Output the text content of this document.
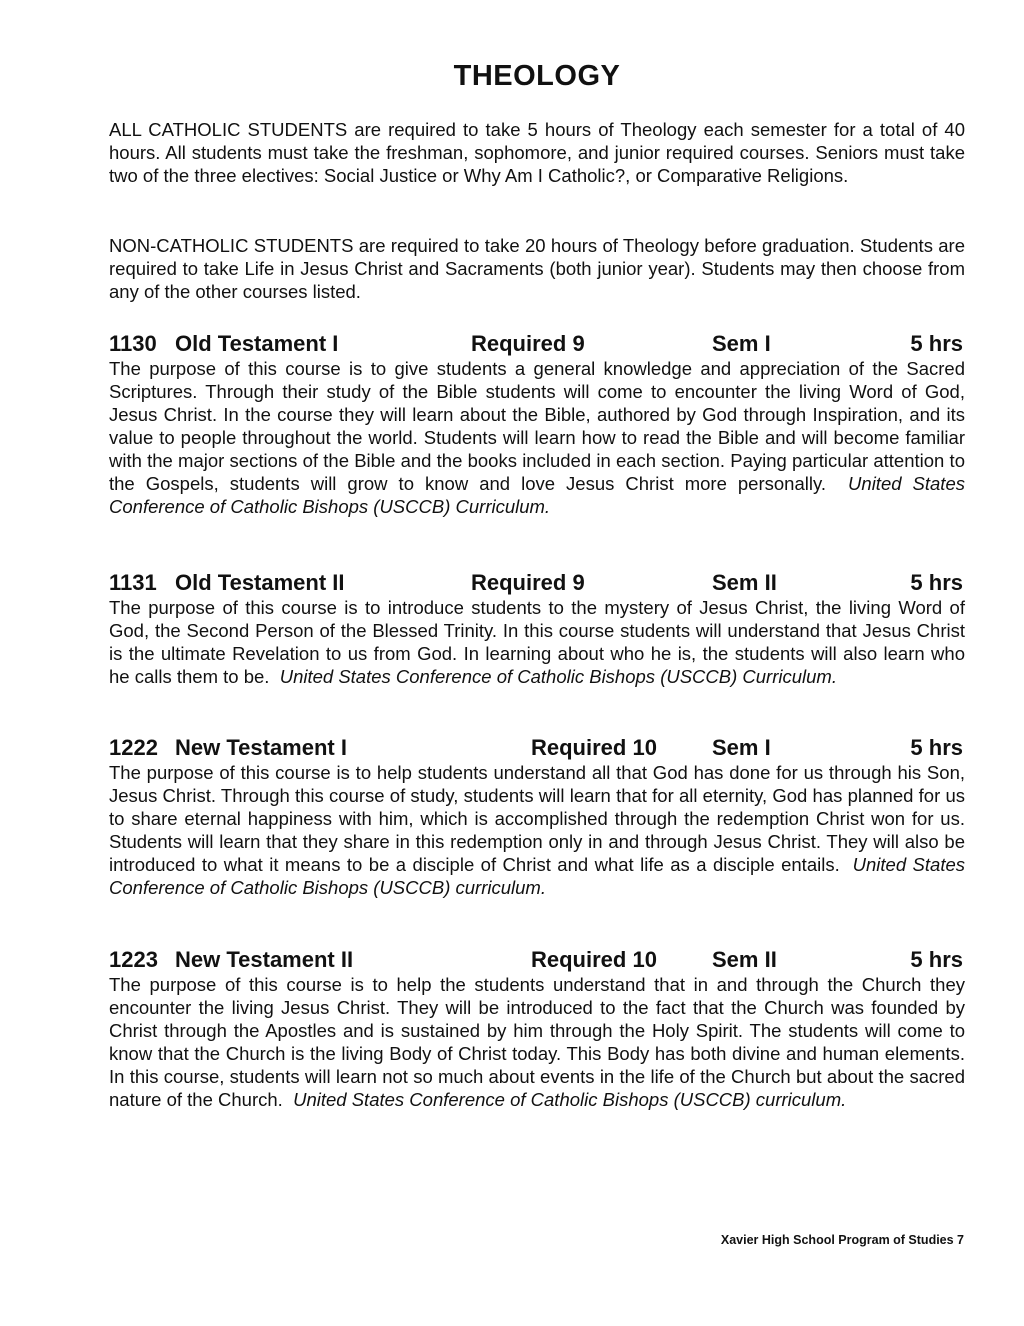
THEOLOGY

ALL CATHOLIC STUDENTS are required to take 5 hours of Theology each semester for a total of 40 hours. All students must take the freshman, sophomore, and junior required courses. Seniors must take two of the three electives: Social Justice or Why Am I Catholic?, or Comparative Religions.

NON-CATHOLIC STUDENTS are required to take 20 hours of Theology before graduation. Students are required to take Life in Jesus Christ and Sacraments (both junior year). Students may then choose from any of the other courses listed.

1130 Old Testament I	Required 9	Sem I	5 hrs

The purpose of this course is to give students a general knowledge and appreciation of the Sacred Scriptures. Through their study of the Bible students will come to encounter the living Word of God, Jesus Christ. In the course they will learn about the Bible, authored by God through Inspiration, and its value to people throughout the world. Students will learn how to read the Bible and will become familiar with the major sections of the Bible and the books included in each section. Paying particular attention to the Gospels, students will grow to know and love Jesus Christ more personally. United States Conference of Catholic Bishops (USCCB) Curriculum.

1131 Old Testament II	Required 9	Sem II	5 hrs

The purpose of this course is to introduce students to the mystery of Jesus Christ, the living Word of God, the Second Person of the Blessed Trinity. In this course students will understand that Jesus Christ is the ultimate Revelation to us from God. In learning about who he is, the students will also learn who he calls them to be. United States Conference of Catholic Bishops (USCCB) Curriculum.

1222 New Testament I	Required 10	Sem I	5 hrs

The purpose of this course is to help students understand all that God has done for us through his Son, Jesus Christ. Through this course of study, students will learn that for all eternity, God has planned for us to share eternal happiness with him, which is accomplished through the redemption Christ won for us. Students will learn that they share in this redemption only in and through Jesus Christ. They will also be introduced to what it means to be a disciple of Christ and what life as a disciple entails. United States Conference of Catholic Bishops (USCCB) curriculum.

1223 New Testament II	Required 10	Sem II	5 hrs

The purpose of this course is to help the students understand that in and through the Church they encounter the living Jesus Christ. They will be introduced to the fact that the Church was founded by Christ through the Apostles and is sustained by him through the Holy Spirit. The students will come to know that the Church is the living Body of Christ today. This Body has both divine and human elements. In this course, students will learn not so much about events in the life of the Church but about the sacred nature of the Church. United States Conference of Catholic Bishops (USCCB) curriculum.

Xavier High School Program of Studies 7
